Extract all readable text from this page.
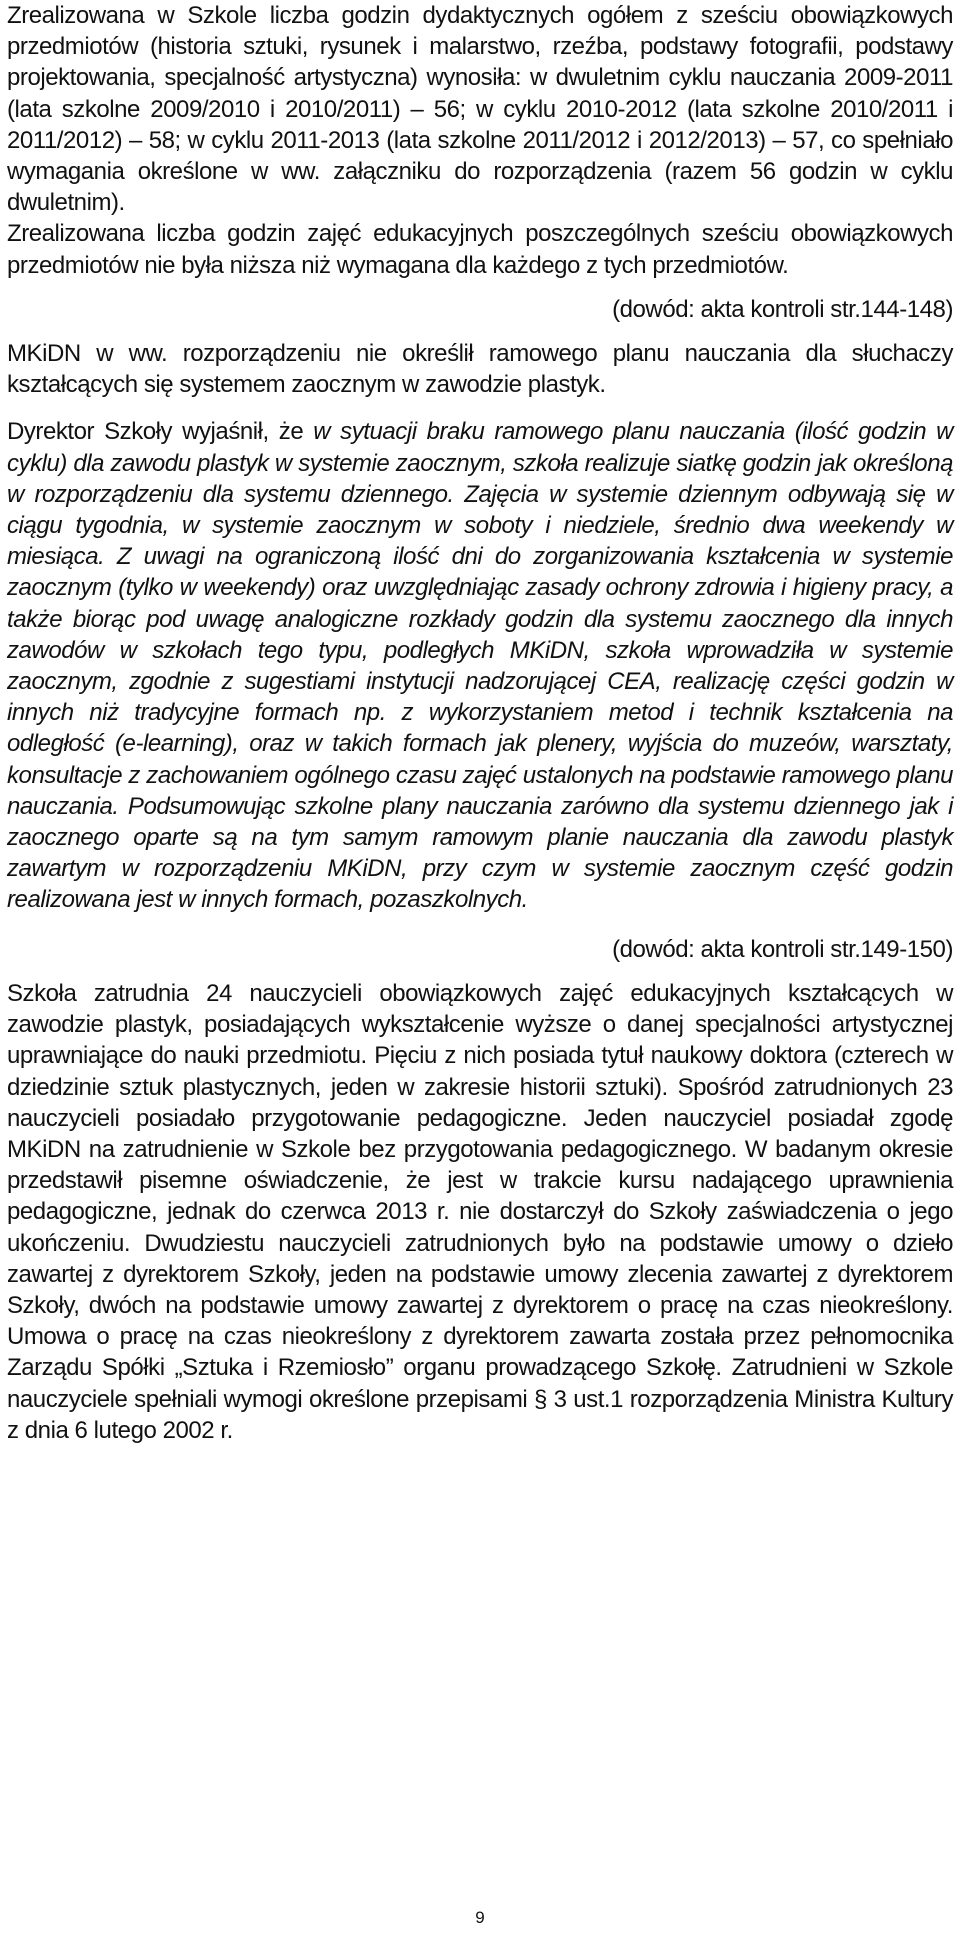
Zrealizowana w Szkole liczba godzin dydaktycznych ogółem z sześciu obowiązkowych przedmiotów (historia sztuki, rysunek i malarstwo, rzeźba, podstawy fotografii, podstawy projektowania, specjalność artystyczna) wynosiła: w dwuletnim cyklu nauczania 2009-2011 (lata szkolne 2009/2010 i 2010/2011) – 56; w cyklu 2010-2012 (lata szkolne 2010/2011 i 2011/2012) – 58; w cyklu 2011-2013 (lata szkolne 2011/2012 i 2012/2013) – 57, co spełniało wymagania określone w ww. załączniku do rozporządzenia (razem 56 godzin w cyklu dwuletnim).

Zrealizowana liczba godzin zajęć edukacyjnych poszczególnych sześciu obowiązkowych przedmiotów nie była niższa niż wymagana dla każdego z tych przedmiotów.

(dowód: akta kontroli str.144-148)

MKiDN w ww. rozporządzeniu nie określił ramowego planu nauczania dla słuchaczy kształcących się systemem zaocznym w zawodzie plastyk.

Dyrektor Szkoły wyjaśnił, że w sytuacji braku ramowego planu nauczania (ilość godzin w cyklu) dla zawodu plastyk w systemie zaocznym, szkoła realizuje siatkę godzin jak określoną w rozporządzeniu dla systemu dziennego. Zajęcia w systemie dziennym odbywają się w ciągu tygodnia, w systemie zaocznym w soboty i niedziele, średnio dwa weekendy w miesiąca. Z uwagi na ograniczoną ilość dni do zorganizowania kształcenia w systemie zaocznym (tylko w weekendy) oraz uwzględniając zasady ochrony zdrowia i higieny pracy, a także biorąc pod uwagę analogiczne rozkłady godzin dla systemu zaocznego dla innych zawodów w szkołach tego typu, podległych MKiDN, szkoła wprowadziła w systemie zaocznym, zgodnie z sugestiami instytucji nadzorującej CEA, realizację części godzin w innych niż tradycyjne formach np. z wykorzystaniem metod i technik kształcenia na odległość (e-learning), oraz w takich formach jak plenery, wyjścia do muzeów, warsztaty, konsultacje z zachowaniem ogólnego czasu zajęć ustalonych na podstawie ramowego planu nauczania. Podsumowując szkolne plany nauczania zarówno dla systemu dziennego jak i zaocznego oparte są na tym samym ramowym planie nauczania dla zawodu plastyk zawartym w rozporządzeniu MKiDN, przy czym w systemie zaocznym część godzin realizowana jest w innych formach, pozaszkolnych.

(dowód: akta kontroli str.149-150)

Szkoła zatrudnia 24 nauczycieli obowiązkowych zajęć edukacyjnych kształcących w zawodzie plastyk, posiadających wykształcenie wyższe o danej specjalności artystycznej uprawniające do nauki przedmiotu. Pięciu z nich posiada tytuł naukowy doktora (czterech w dziedzinie sztuk plastycznych, jeden w zakresie historii sztuki). Spośród zatrudnionych 23 nauczycieli posiadało przygotowanie pedagogiczne. Jeden nauczyciel posiadał zgodę MKiDN na zatrudnienie w Szkole bez przygotowania pedagogicznego. W badanym okresie przedstawił pisemne oświadczenie, że jest w trakcie kursu nadającego uprawnienia pedagogiczne, jednak do czerwca 2013 r. nie dostarczył do Szkoły zaświadczenia o jego ukończeniu. Dwudziestu nauczycieli zatrudnionych było na podstawie umowy o dzieło zawartej z dyrektorem Szkoły, jeden na podstawie umowy zlecenia zawartej z dyrektorem Szkoły, dwóch na podstawie umowy zawartej z dyrektorem o pracę na czas nieokreślony. Umowa o pracę na czas nieokreślony z dyrektorem zawarta została przez pełnomocnika Zarządu Spółki „Sztuka i Rzemiosło” organu prowadzącego Szkołę. Zatrudnieni w Szkole nauczyciele spełniali wymogi określone przepisami § 3 ust.1 rozporządzenia Ministra Kultury z dnia 6 lutego 2002 r.

9
